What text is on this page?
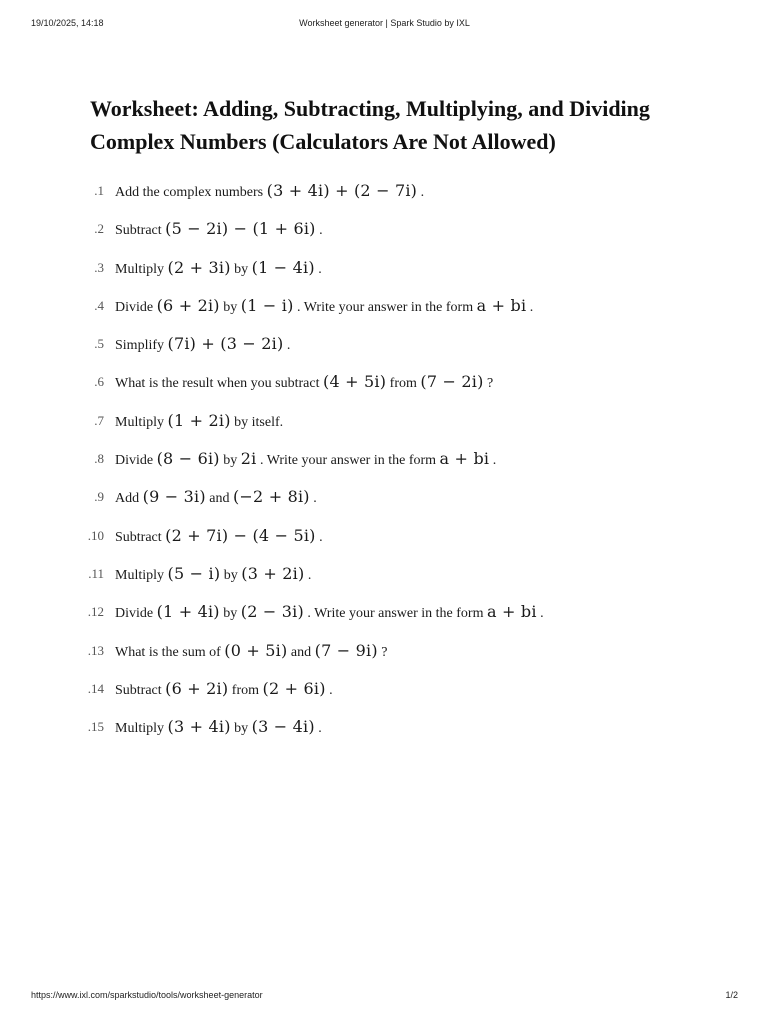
19/10/2025, 14:18	Worksheet generator | Spark Studio by IXL
Worksheet: Adding, Subtracting, Multiplying, and Dividing Complex Numbers (Calculators Are Not Allowed)
1. Add the complex numbers (3 + 4i) + (2 − 7i) .
2. Subtract (5 − 2i) − (1 + 6i) .
3. Multiply (2 + 3i) by (1 − 4i) .
4. Divide (6 + 2i) by (1 − i) . Write your answer in the form a + bi .
5. Simplify (7i) + (3 − 2i) .
6. What is the result when you subtract (4 + 5i) from (7 − 2i) ?
7. Multiply (1 + 2i) by itself.
8. Divide (8 − 6i) by 2i . Write your answer in the form a + bi .
9. Add (9 − 3i) and (−2 + 8i) .
10. Subtract (2 + 7i) − (4 − 5i) .
11. Multiply (5 − i) by (3 + 2i) .
12. Divide (1 + 4i) by (2 − 3i) . Write your answer in the form a + bi .
13. What is the sum of (0 + 5i) and (7 − 9i) ?
14. Subtract (6 + 2i) from (2 + 6i) .
15. Multiply (3 + 4i) by (3 − 4i) .
https://www.ixl.com/sparkstudio/tools/worksheet-generator	1/2
